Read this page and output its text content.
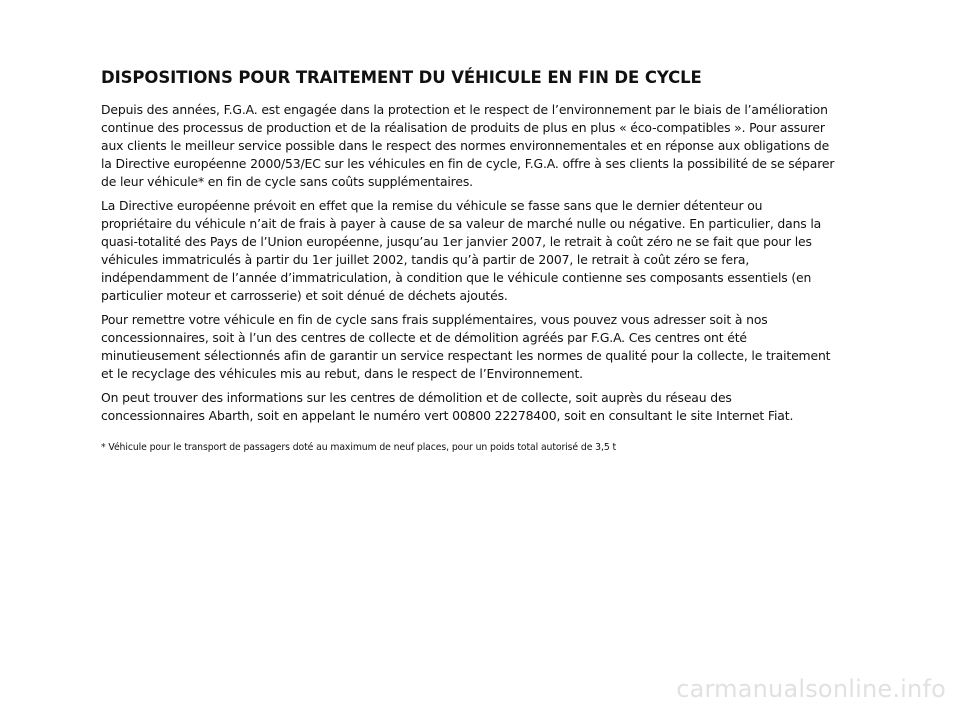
DISPOSITIONS POUR TRAITEMENT DU VÉHICULE EN FIN DE CYCLE

Depuis des années, F.G.A. est engagée dans la protection et le respect de l’environnement par le biais de l’amélioration continue des processus de production et de la réalisation de produits de plus en plus « éco-compatibles ». Pour assurer aux clients le meilleur service possible dans le respect des normes environnementales et en réponse aux obligations de la Directive européenne 2000/53/EC sur les véhicules en fin de cycle, F.G.A. offre à ses clients la possibilité de se séparer de leur véhicule* en fin de cycle sans coûts supplémentaires.

La Directive européenne prévoit en effet que la remise du véhicule se fasse sans que le dernier détenteur ou propriétaire du véhicule n’ait de frais à payer à cause de sa valeur de marché nulle ou négative. En particulier, dans la quasi-totalité des Pays de l’Union européenne, jusqu’au 1er janvier 2007, le retrait à coût zéro ne se fait que pour les véhicules immatriculés à partir du 1er juillet 2002, tandis qu’à partir de 2007, le retrait à coût zéro se fera, indépendamment de l’année d’immatriculation, à condition que le véhicule contienne ses composants essentiels (en particulier moteur et carrosserie) et soit dénué de déchets ajoutés.

Pour remettre votre véhicule en fin de cycle sans frais supplémentaires, vous pouvez vous adresser soit à nos concessionnaires, soit à l’un des centres de collecte et de démolition agréés par F.G.A. Ces centres ont été minutieusement sélectionnés afin de garantir un service respectant les normes de qualité pour la collecte, le traitement et le recyclage des véhicules mis au rebut, dans le respect de l’Environnement.

On peut trouver des informations sur les centres de démolition et de collecte, soit auprès du réseau des concessionnaires Abarth, soit en appelant le numéro vert 00800 22278400, soit en consultant le site Internet Fiat.

* Véhicule pour le transport de passagers doté au maximum de neuf places, pour un poids total autorisé de 3,5 t

carmanualsonline.info
